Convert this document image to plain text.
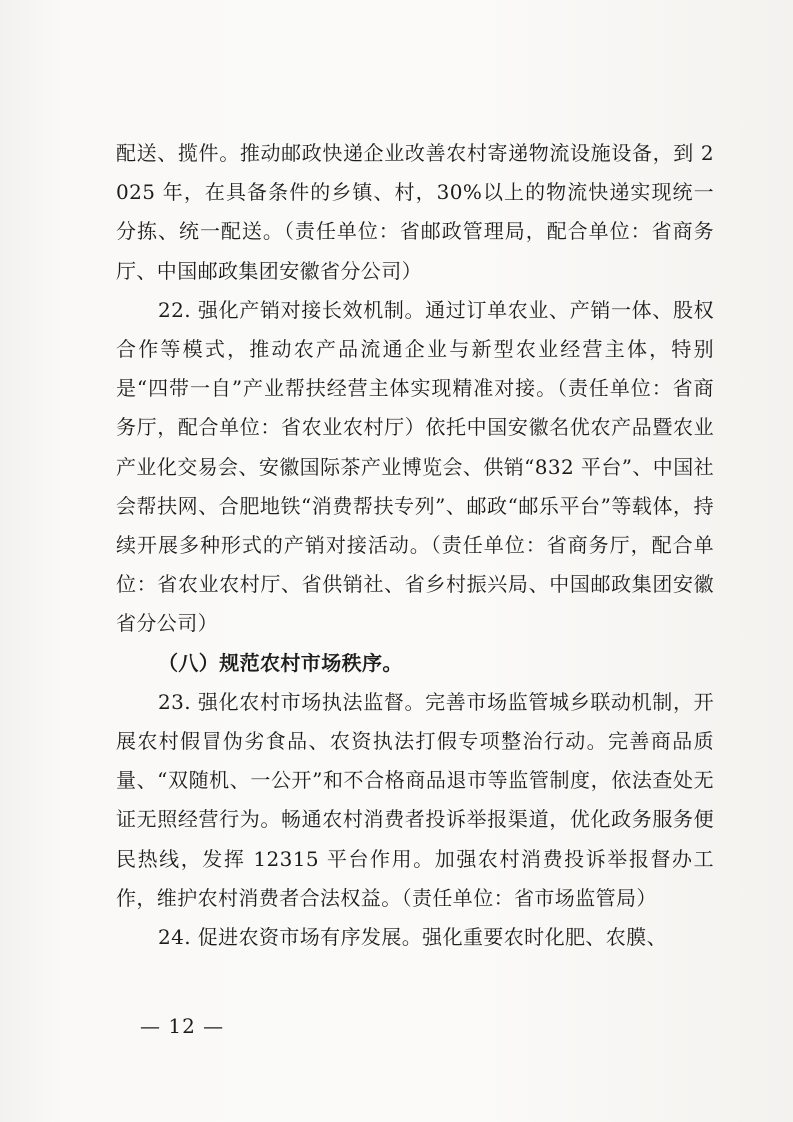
配送、揽件。推动邮政快递企业改善农村寄递物流设施设备，到 2025 年，在具备条件的乡镇、村，30%以上的物流快递实现统一分拣、统一配送。（责任单位：省邮政管理局，配合单位：省商务厅、中国邮政集团安徽省分公司）

22. 强化产销对接长效机制。通过订单农业、产销一体、股权合作等模式，推动农产品流通企业与新型农业经营主体，特别是“四带一自”产业帮扶经营主体实现精准对接。（责任单位：省商务厅，配合单位：省农业农村厅）依托中国安徽名优农产品暨农业产业化交易会、安徽国际茶产业博览会、供销“832 平台”、中国社会帮扶网、合肥地铁“消费帮扶专列”、邮政“邮乐平台”等载体，持续开展多种形式的产销对接活动。（责任单位：省商务厅，配合单位：省农业农村厅、省供销社、省乡村振兴局、中国邮政集团安徽省分公司）

（八）规范农村市场秩序。

23. 强化农村市场执法监督。完善市场监管城乡联动机制，开展农村假冒伪劣食品、农资执法打假专项整治行动。完善商品质量、“双随机、一公开”和不合格商品退市等监管制度，依法查处无证无照经营行为。畅通农村消费者投诉举报渠道，优化政务服务便民热线，发挥 12315 平台作用。加强农村消费投诉举报督办工作，维护农村消费者合法权益。（责任单位：省市场监管局）

24. 促进农资市场有序发展。强化重要农时化肥、农膜、

— 12 —
